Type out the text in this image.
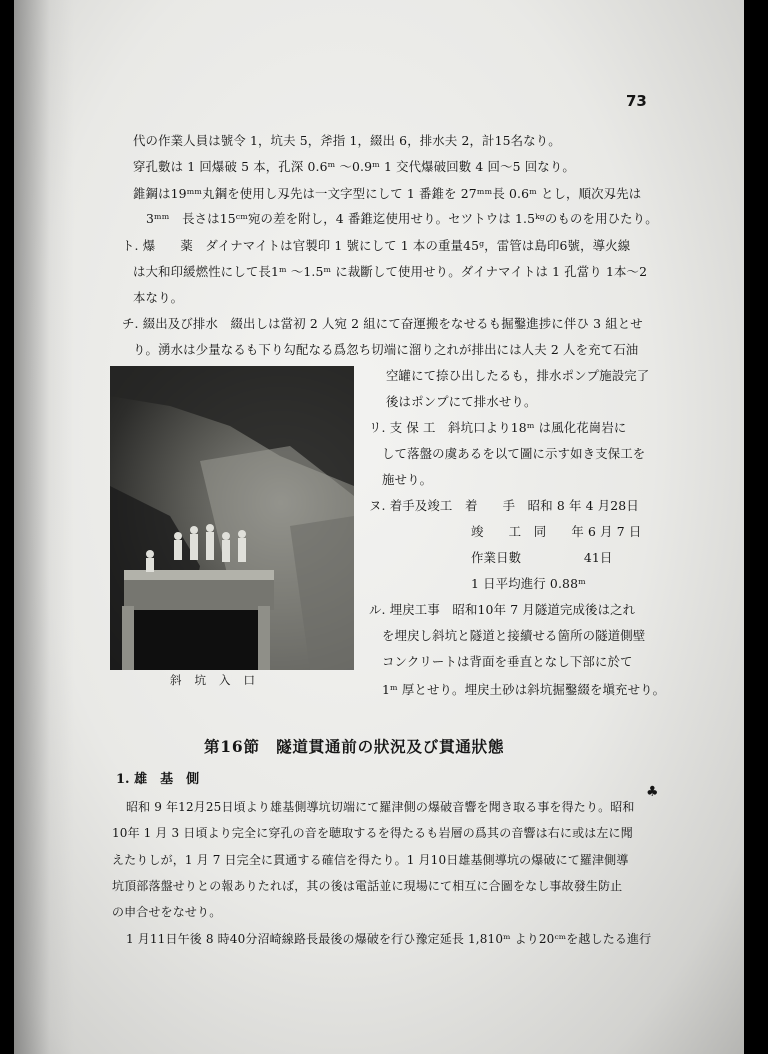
73
代の作業人員は號令 1，坑夫 5，斧指 1，綴出 6，排水夫 2，計15名なり。
穿孔數は 1 回爆破 5 本，孔深 0.6ᵐ ～0.9ᵐ 1 交代爆破回數 4 回～5 回なり。
錐鋼は19ᵐᵐ丸鋼を使用し刄先は一文字型にして 1 番錐を 27ᵐᵐ長 0.6ᵐ とし，順次刄先は
3ᵐᵐ　長さは15ᶜᵐ宛の差を附し，4 番錐迄使用せり。セツトウは 1.5ᵏᵍのものを用ひたり。
ト. 爆　　薬　ダイナマイトは官製印 1 號にして 1 本の重量45ᵍ，雷管は島印6號，導火線
は大和印緩燃性にして長1ᵐ ～1.5ᵐ に裁斷して使用せり。ダイナマイトは 1 孔當り 1本～2
本なり。
チ. 綴出及び排水　綴出しは當初 2 人宛 2 組にて奋運搬をなせるも掘鑿進捗に伴ひ 3 組とせ
り。湧水は少量なるも下り勾配なる爲忽ち切端に溜り之れが排出には人夫 2 人を充て石油
斜坑入口
空罐にて捺ひ出したるも，排水ポンプ施設完了
後はポンプにて排水せり。
リ. 支 保 工　斜坑口より18ᵐ は風化花崗岩に
して落盤の虞あるを以て圖に示す如き支保工を
施せり。
ヌ. 着手及竣工　着　　手　昭和 8 年 4 月28日
竣　　工　同　　年 6 月 7 日
作業日數　　　　　41日
1 日平均進行 0.88ᵐ
ル. 埋戻工事　昭和10年 7 月隧道完成後は之れ
を埋戻し斜坑と隧道と接續せる箇所の隧道側壁
コンクリートは背面を垂直となし下部に於て
1ᵐ 厚とせり。埋戻土砂は斜坑掘鑿綴を塡充せり。
第16節　隧道貫通前の狀況及び貫通狀態
1. 雄　基　側
♣
昭和 9 年12月25日頃より雄基側導坑切端にて羅津側の爆破音響を聞き取る事を得たり。昭和
10年 1 月 3 日頃より完全に穿孔の音を聴取するを得たるも岩層の爲其の音響は右に或は左に聞
えたりしが，1 月 7 日完全に貫通する確信を得たり。1 月10日雄基側導坑の爆破にて羅津側導
坑頂部落盤せりとの報ありたれば，其の後は電話並に現場にて相互に合圖をなし事故發生防止
の申合せをなせり。
1 月11日午後 8 時40分沼崎線路長最後の爆破を行ひ豫定延長 1,810ᵐ より20ᶜᵐを越したる進行
